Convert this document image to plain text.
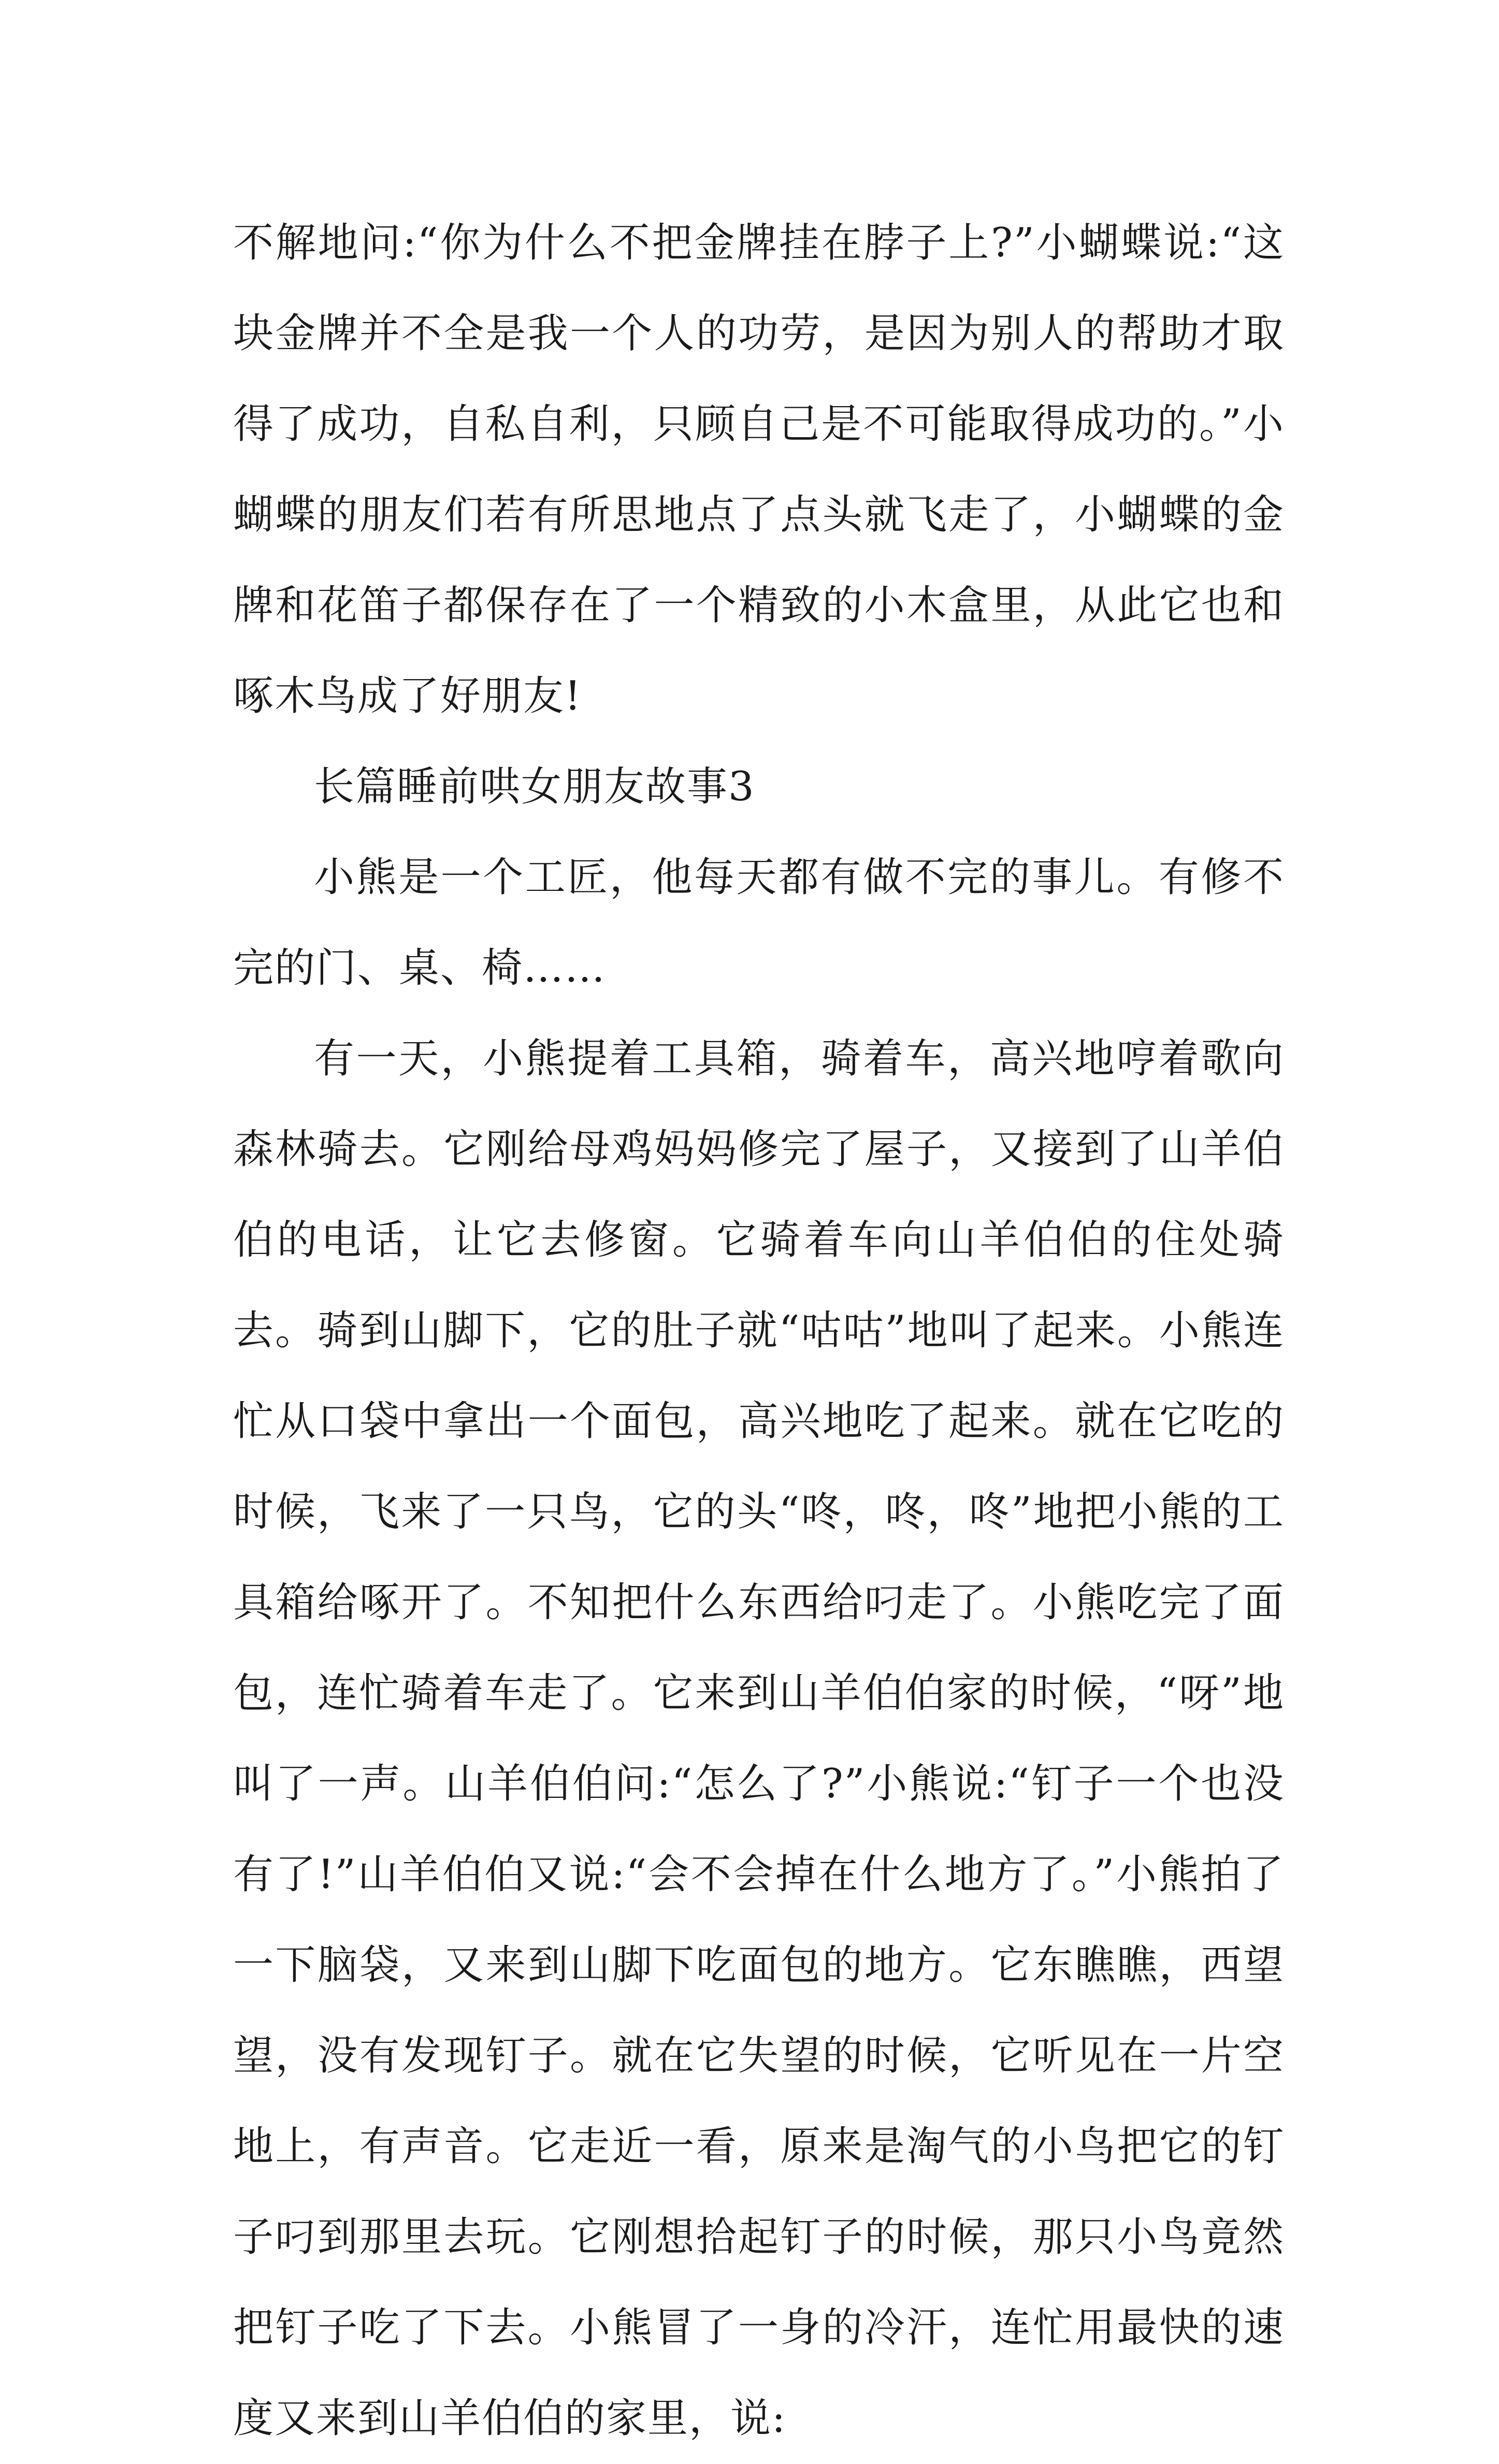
不解地问:“你为什么不把金牌挂在脖子上?”小蝴蝶说:“这块金牌并不全是我一个人的功劳，是因为别人的帮助才取得了成功，自私自利，只顾自己是不可能取得成功的。”小蝴蝶的朋友们若有所思地点了点头就飞走了，小蝴蝶的金牌和花笛子都保存在了一个精致的小木盒里，从此它也和啄木鸟成了好朋友!

长篇睡前哄女朋友故事3

小熊是一个工匠，他每天都有做不完的事儿。有修不完的门、桌、椅……

有一天，小熊提着工具箱，骑着车，高兴地哼着歌向森林骑去。它刚给母鸡妈妈修完了屋子，又接到了山羊伯伯的电话，让它去修窗。它骑着车向山羊伯伯的住处骑去。骑到山脚下，它的肚子就“咕咕”地叫了起来。小熊连忙从口袋中拿出一个面包，高兴地吃了起来。就在它吃的时候，飞来了一只鸟，它的头“咚，咚，咚”地把小熊的工具箱给啄开了。不知把什么东西给叼走了。小熊吃完了面包，连忙骑着车走了。它来到山羊伯伯家的时候，“呀”地叫了一声。山羊伯伯问:“怎么了?”小熊说:“钉子一个也没有了!”山羊伯伯又说:“会不会掉在什么地方了。”小熊拍了一下脑袋，又来到山脚下吃面包的地方。它东瞧瞧，西望望，没有发现钉子。就在它失望的时候，它听见在一片空地上，有声音。它走近一看，原来是淘气的小鸟把它的钉子叼到那里去玩。它刚想拾起钉子的时候，那只小鸟竟然把钉子吃了下去。小熊冒了一身的冷汗，连忙用最快的速度又来到山羊伯伯的家里，说:
